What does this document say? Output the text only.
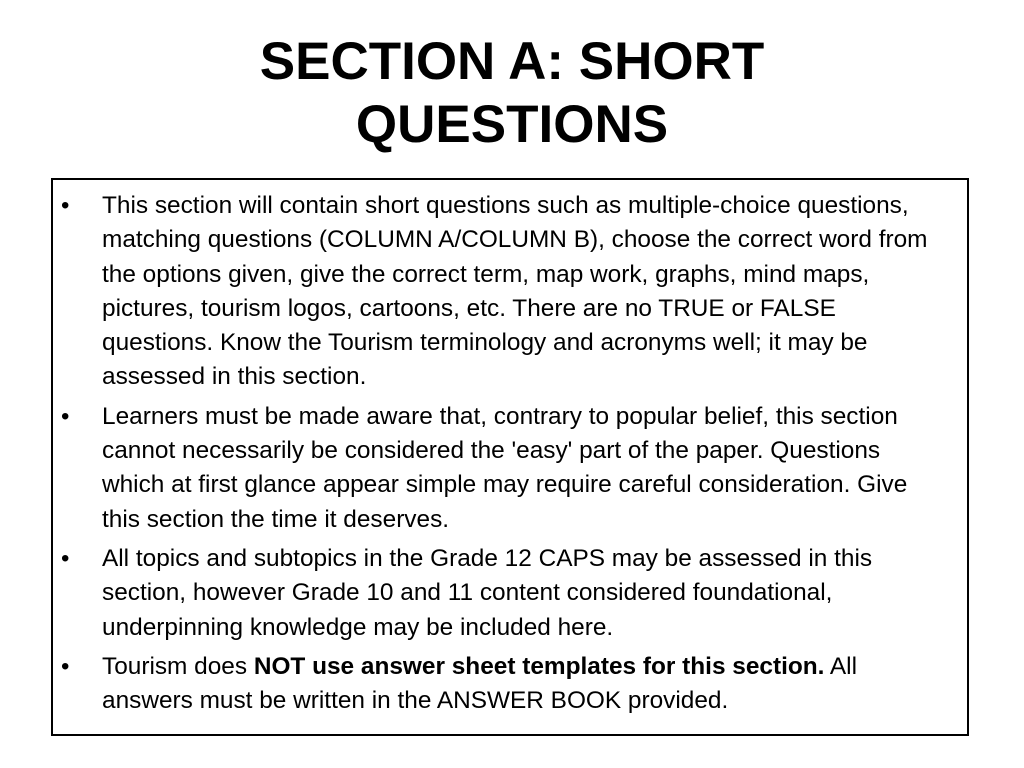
SECTION A: SHORT
QUESTIONS
• This section will contain short questions such as multiple-choice questions, matching questions (COLUMN A/COLUMN B), choose the correct word from the options given, give the correct term, map work, graphs, mind maps, pictures, tourism logos, cartoons, etc. There are no TRUE or FALSE questions. Know the Tourism terminology and acronyms well; it may be assessed in this section.
• Learners must be made aware that, contrary to popular belief, this section cannot necessarily be considered the 'easy' part of the paper. Questions which at first glance appear simple may require careful consideration. Give this section the time it deserves.
• All topics and subtopics in the Grade 12 CAPS may be assessed in this section, however Grade 10 and 11 content considered foundational, underpinning knowledge may be included here.
• Tourism does NOT use answer sheet templates for this section. All answers must be written in the ANSWER BOOK provided.
